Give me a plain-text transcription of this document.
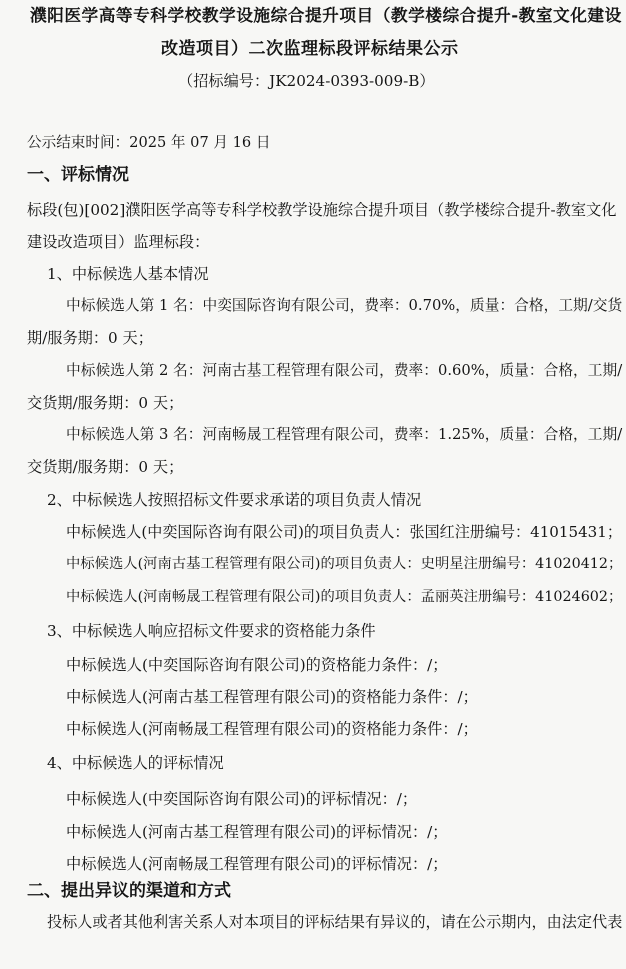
濮阳医学高等专科学校教学设施综合提升项目（教学楼综合提升-教室文化建设
改造项目）二次监理标段评标结果公示
（招标编号：JK2024-0393-009-B）
公示结束时间：2025 年 07 月 16 日
一、评标情况
标段(包)[002]濮阳医学高等专科学校教学设施综合提升项目（教学楼综合提升-教室文化
建设改造项目）监理标段：
1、中标候选人基本情况
中标候选人第 1 名：中奕国际咨询有限公司，费率：0.70%，质量：合格，工期/交货
期/服务期：0 天；
中标候选人第 2 名：河南古基工程管理有限公司，费率：0.60%，质量：合格，工期/
交货期/服务期：0 天；
中标候选人第 3 名：河南畅晟工程管理有限公司，费率：1.25%，质量：合格，工期/
交货期/服务期：0 天；
2、中标候选人按照招标文件要求承诺的项目负责人情况
中标候选人(中奕国际咨询有限公司)的项目负责人：张国红注册编号：41015431；
中标候选人(河南古基工程管理有限公司)的项目负责人：史明星注册编号：41020412；
中标候选人(河南畅晟工程管理有限公司)的项目负责人：孟丽英注册编号：41024602；
3、中标候选人响应招标文件要求的资格能力条件
中标候选人(中奕国际咨询有限公司)的资格能力条件：/；
中标候选人(河南古基工程管理有限公司)的资格能力条件：/；
中标候选人(河南畅晟工程管理有限公司)的资格能力条件：/；
4、中标候选人的评标情况
中标候选人(中奕国际咨询有限公司)的评标情况：/；
中标候选人(河南古基工程管理有限公司)的评标情况：/；
中标候选人(河南畅晟工程管理有限公司)的评标情况：/；
二、提出异议的渠道和方式
投标人或者其他利害关系人对本项目的评标结果有异议的，请在公示期内，由法定代表
